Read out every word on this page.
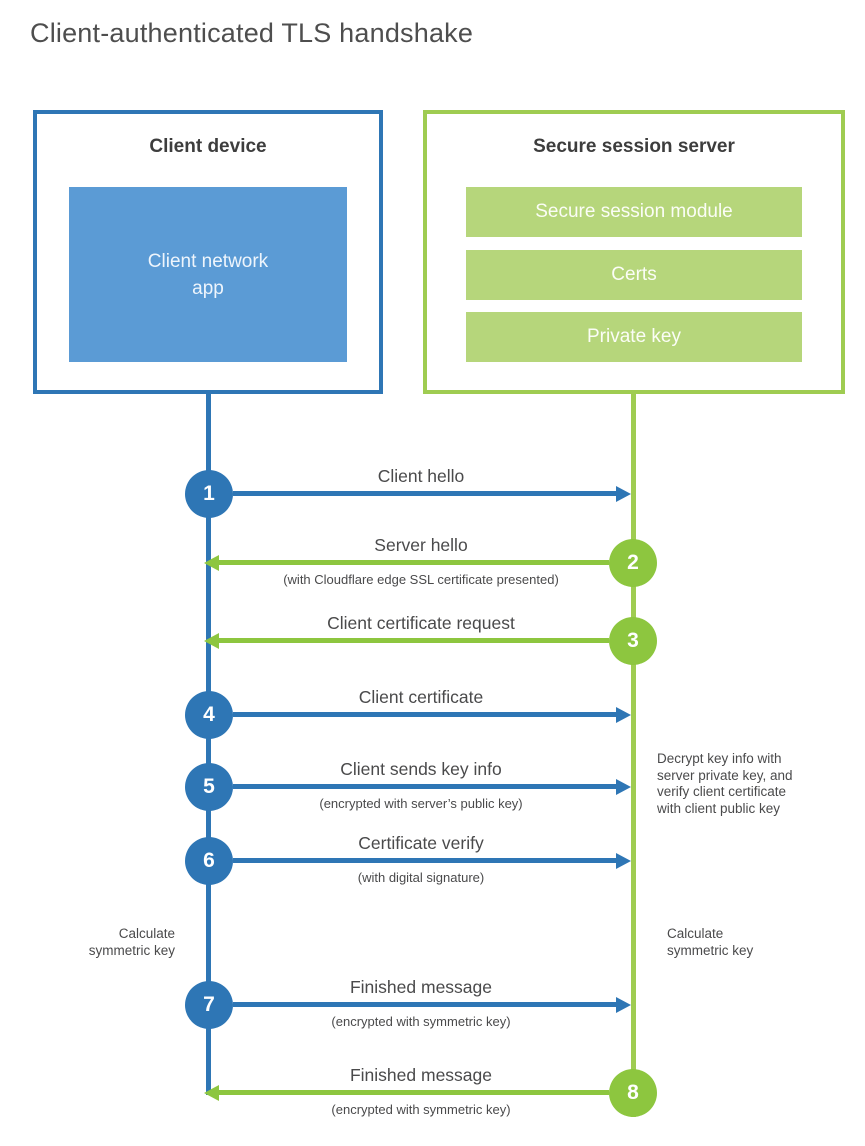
Client-authenticated TLS handshake
Client device
Client network
app
Secure session server
Secure session module
Certs
Private key
Client hello
1
Server hello
(with Cloudflare edge SSL certificate presented)
2
Client certificate request
3
Client certificate
4
Client sends key info
(encrypted with server’s public key)
5
Certificate verify
(with digital signature)
6
Finished message
(encrypted with symmetric key)
7
Finished message
(encrypted with symmetric key)
8
Decrypt key info with
server private key, and
verify client certificate
with client public key
Calculate
symmetric key
Calculate
symmetric key
